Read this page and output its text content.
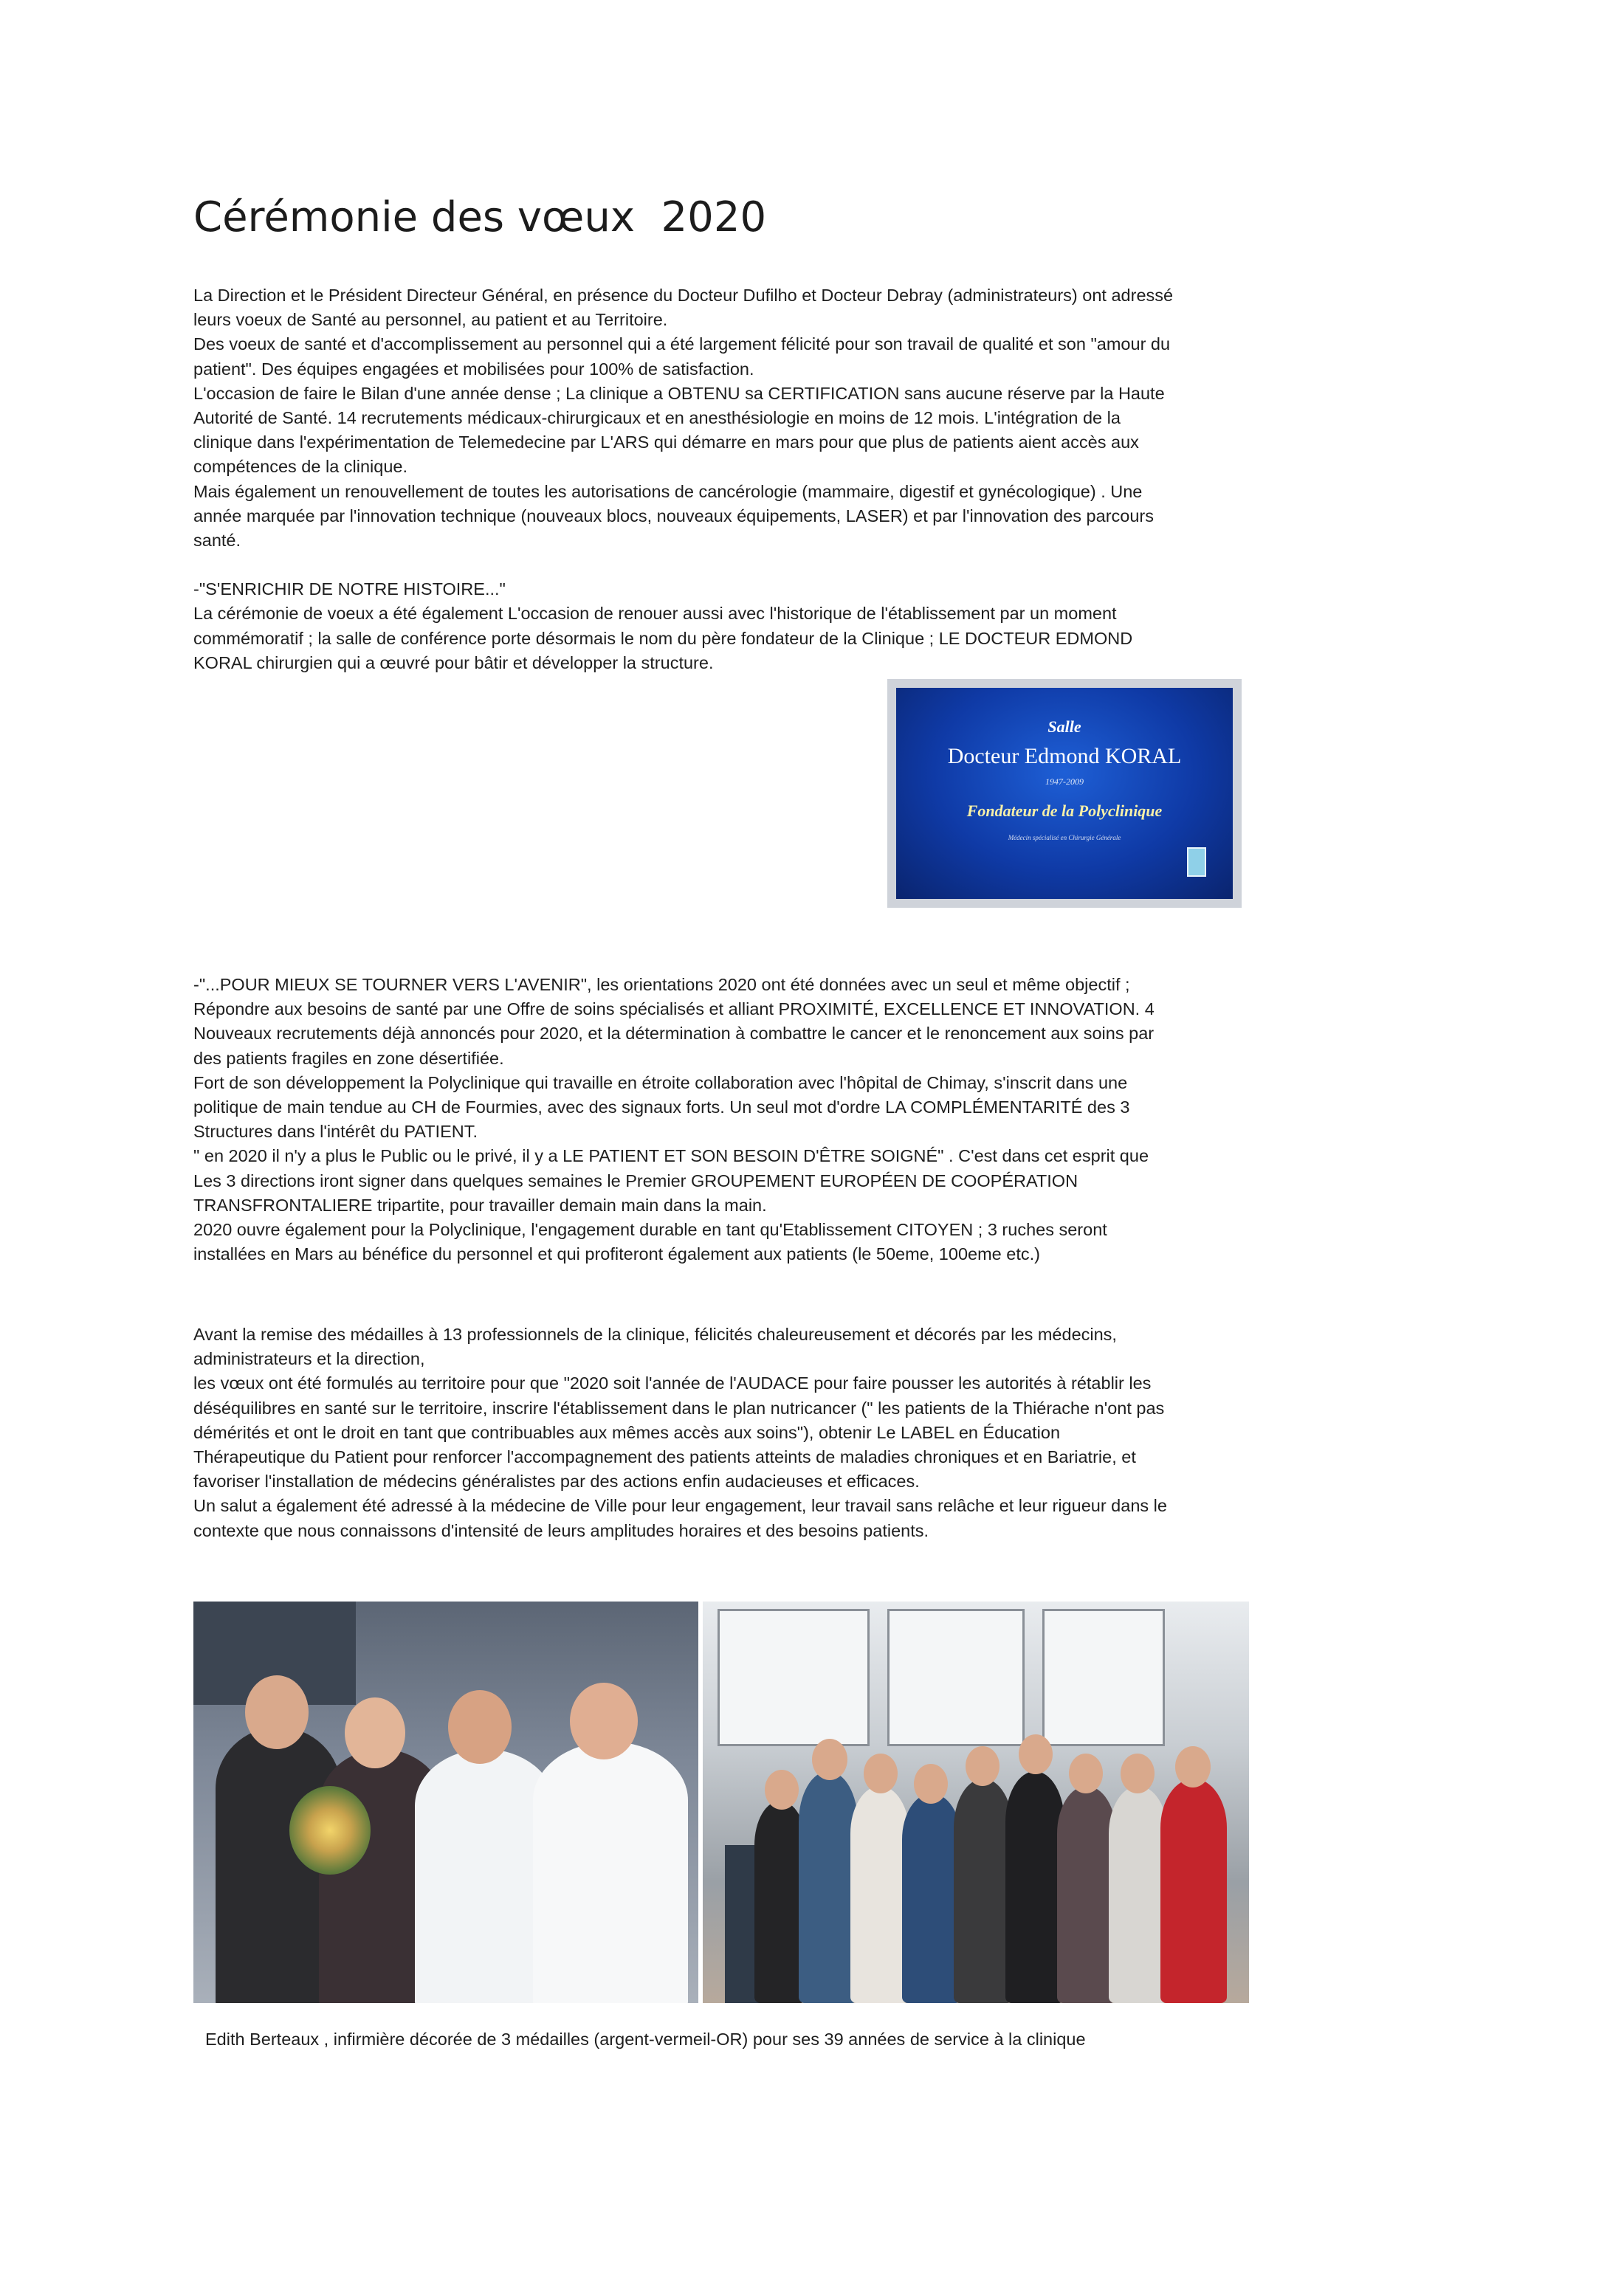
Cérémonie des vœux  2020

La Direction et le Président Directeur Général, en présence du Docteur Dufilho et Docteur Debray (administrateurs) ont adressé

leurs voeux de Santé au personnel, au patient et au Territoire.

Des voeux de santé et d'accomplissement au personnel qui a été largement félicité pour son travail de qualité et son "amour du

patient". Des équipes engagées et mobilisées pour 100% de satisfaction.

L'occasion de faire le Bilan d'une année dense ; La clinique a OBTENU sa CERTIFICATION sans aucune réserve par la Haute

Autorité de Santé. 14 recrutements médicaux-chirurgicaux et en anesthésiologie en moins de 12 mois. L'intégration de la

clinique dans l'expérimentation de Telemedecine par L'ARS qui démarre en mars pour que plus de patients aient accès aux

compétences de la clinique.

Mais également un renouvellement de toutes les autorisations de cancérologie (mammaire, digestif et gynécologique) . Une

année marquée par l'innovation technique (nouveaux blocs, nouveaux équipements, LASER) et par l'innovation des parcours

santé.

-"S'ENRICHIR DE NOTRE HISTOIRE..."

La cérémonie de voeux a été également L'occasion de renouer aussi avec l'historique de l'établissement par un moment

commémoratif ; la salle de conférence porte désormais le nom du père fondateur de la Clinique ; LE DOCTEUR EDMOND

KORAL chirurgien qui a œuvré pour bâtir et développer la structure.

Salle
Docteur Edmond KORAL
1947-2009
Fondateur de la Polyclinique
Médecin spécialisé en Chirurgie Générale

-"...POUR MIEUX SE TOURNER VERS L'AVENIR", les orientations 2020 ont été données avec un seul et même objectif ;

Répondre aux besoins de santé par une Offre de soins spécialisés et alliant PROXIMITÉ, EXCELLENCE ET INNOVATION. 4

Nouveaux recrutements déjà annoncés pour 2020, et la détermination à combattre le cancer et le renoncement aux soins par

des patients fragiles en zone désertifiée.

Fort de son développement la Polyclinique qui travaille en étroite collaboration avec l'hôpital de Chimay, s'inscrit dans une

politique de main tendue au CH de Fourmies, avec des signaux forts. Un seul mot d'ordre LA COMPLÉMENTARITÉ des 3

Structures dans l'intérêt du PATIENT.

" en 2020 il n'y a plus le Public ou le privé, il y a LE PATIENT ET SON BESOIN D'ÊTRE SOIGNÉ" . C'est dans cet esprit que

Les 3 directions iront signer dans quelques semaines le Premier GROUPEMENT EUROPÉEN DE COOPÉRATION

TRANSFRONTALIERE tripartite, pour travailler demain main dans la main.

2020 ouvre également pour la Polyclinique, l'engagement durable en tant qu'Etablissement CITOYEN ; 3 ruches seront

installées en Mars au bénéfice du personnel et qui profiteront également aux patients (le 50eme, 100eme etc.)

Avant la remise des médailles à 13 professionnels de la clinique, félicités chaleureusement et décorés par les médecins,

administrateurs et la direction,

les vœux ont été formulés au territoire pour que "2020 soit l'année de l'AUDACE pour faire pousser les autorités à rétablir les

déséquilibres en santé sur le territoire, inscrire l'établissement dans le plan nutricancer (" les patients de la Thiérache n'ont pas

démérités et ont le droit en tant que contribuables aux mêmes accès aux soins"), obtenir Le LABEL en Éducation

Thérapeutique du Patient pour renforcer l'accompagnement des patients atteints de maladies chroniques et en Bariatrie, et

favoriser l'installation de médecins généralistes par des actions enfin audacieuses et efficaces.

Un salut a également été adressé à la médecine de Ville pour leur engagement, leur travail sans relâche et leur rigueur dans le

contexte que nous connaissons d'intensité de leurs amplitudes horaires et des besoins patients.

Edith Berteaux , infirmière décorée de 3 médailles (argent-vermeil-OR) pour ses 39 années de service à la clinique
